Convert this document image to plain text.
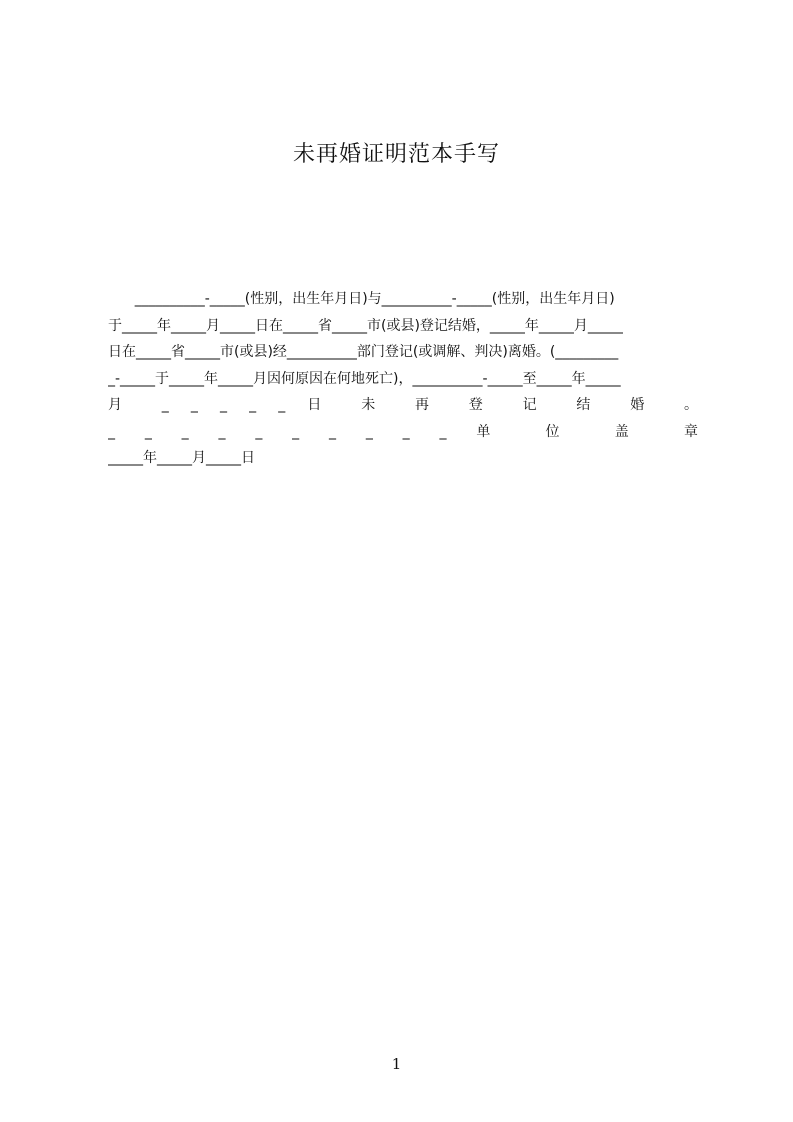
未再婚证明范本手写
__________-_____(性别，出生年月日)与__________-_____(性别，出生年月日)
于_____年_____月_____日在_____省_____市(或县)登记结婚，_____年_____月_____
日在_____省_____市(或县)经__________部门登记(或调解、判决)离婚。(_________
_-_____于_____年_____月因何原因在何地死亡)，__________-_____至_____年_____
月 _ _ _ _ _ 日 未 再 登 记 结 婚 。
_ _ _ _ _ _ _ _ _ _ 单 位 盖 章
_____年_____月_____日
1
